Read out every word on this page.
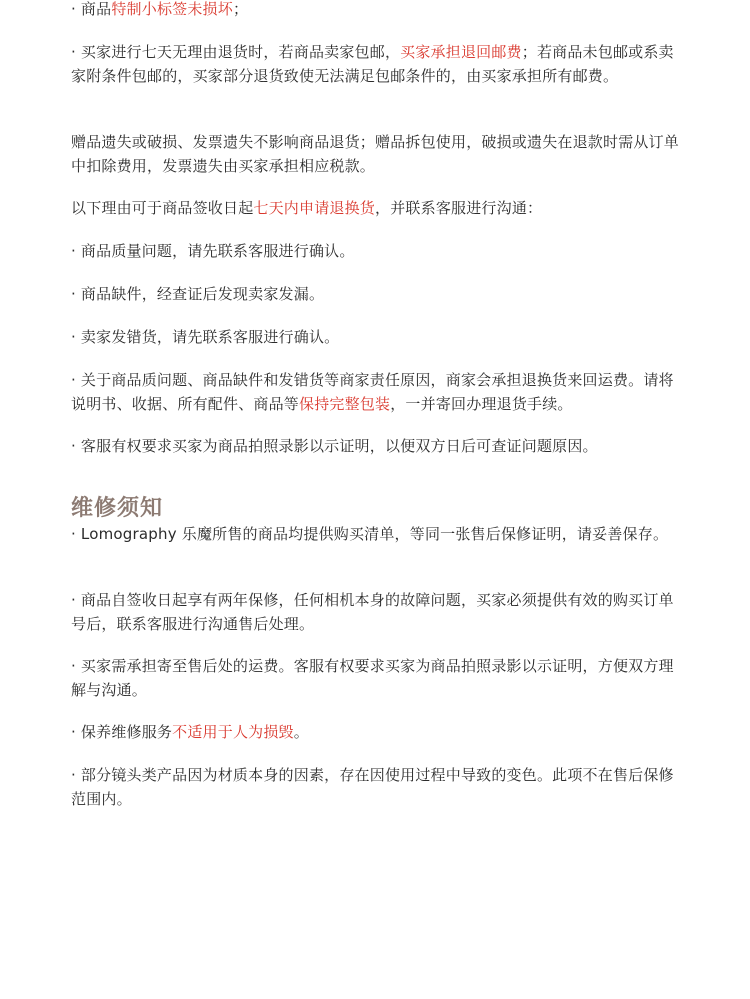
· 商品特制小标签未损坏；

· 买家进行七天无理由退货时，若商品卖家包邮，买家承担退回邮费；若商品未包邮或系卖家附条件包邮的，买家部分退货致使无法满足包邮条件的，由买家承担所有邮费。

赠品遗失或破损、发票遗失不影响商品退货；赠品拆包使用，破损或遗失在退款时需从订单中扣除费用，发票遗失由买家承担相应税款。

以下理由可于商品签收日起七天内申请退换货，并联系客服进行沟通：

· 商品质量问题，请先联系客服进行确认。

· 商品缺件，经查证后发现卖家发漏。

· 卖家发错货，请先联系客服进行确认。

· 关于商品质问题、商品缺件和发错货等商家责任原因，商家会承担退换货来回运费。请将说明书、收据、所有配件、商品等保持完整包装，一并寄回办理退货手续。

· 客服有权要求买家为商品拍照录影以示证明，以便双方日后可查证问题原因。

维修须知

· Lomography 乐魔所售的商品均提供购买清单，等同一张售后保修证明，请妥善保存。

· 商品自签收日起享有两年保修，任何相机本身的故障问题，买家必须提供有效的购买订单号后，联系客服进行沟通售后处理。

· 买家需承担寄至售后处的运费。客服有权要求买家为商品拍照录影以示证明，方便双方理解与沟通。

· 保养维修服务不适用于人为损毁。

· 部分镜头类产品因为材质本身的因素，存在因使用过程中导致的变色。此项不在售后保修范围内。
